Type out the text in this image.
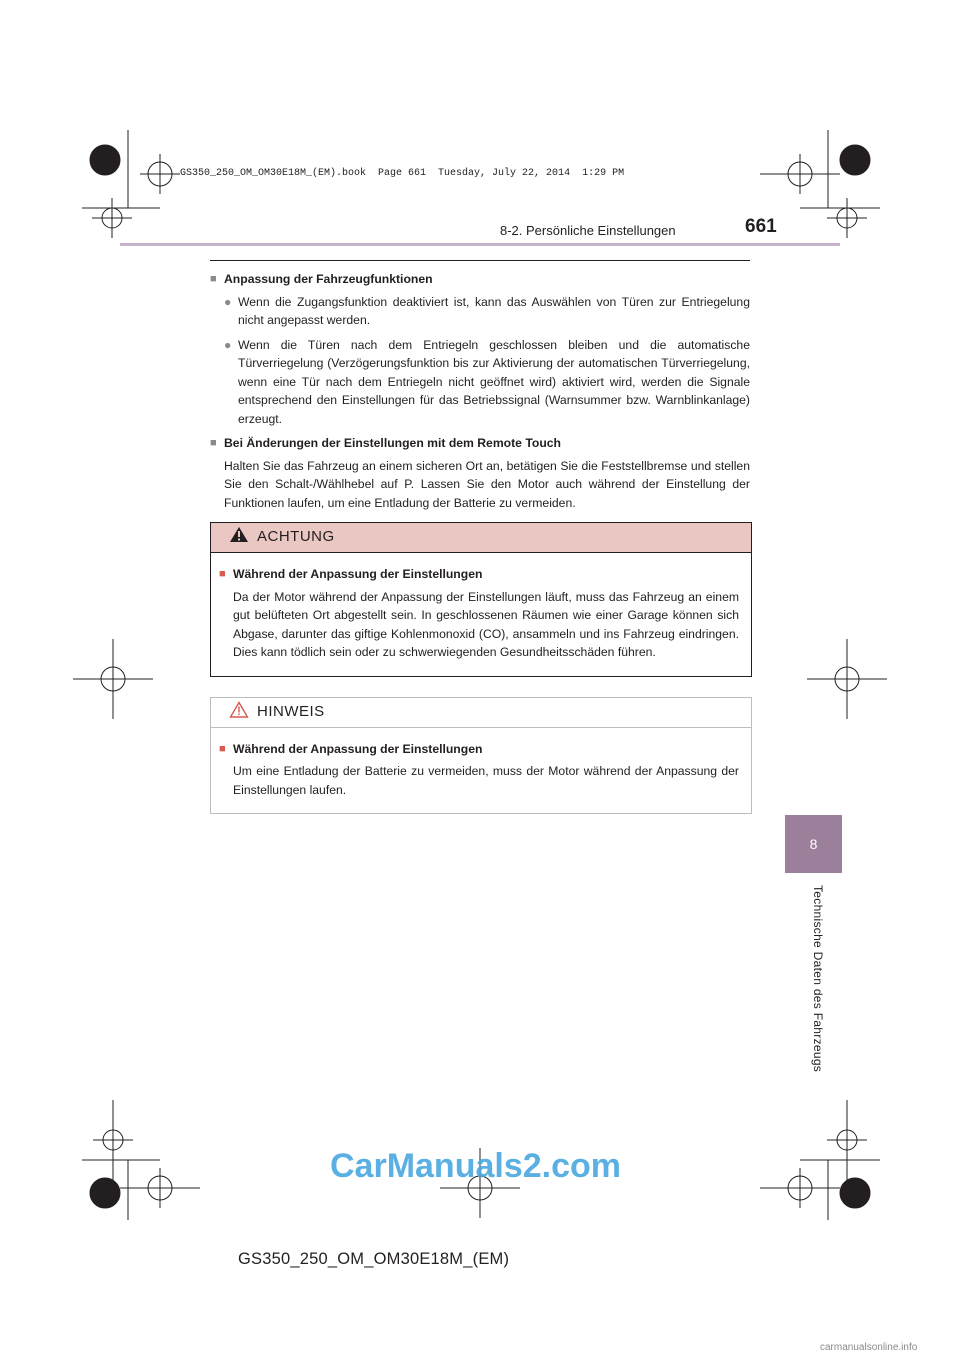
GS350_250_OM_OM30E18M_(EM).book  Page 661  Tuesday, July 22, 2014  1:29 PM
8-2. Persönliche Einstellungen	661
8
Technische Daten des Fahrzeugs
■ Anpassung der Fahrzeugfunktionen
● Wenn die Zugangsfunktion deaktiviert ist, kann das Auswählen von Türen zur Entriegelung nicht angepasst werden.
● Wenn die Türen nach dem Entriegeln geschlossen bleiben und die automatische Türverriegelung (Verzögerungsfunktion bis zur Aktivierung der automatischen Türverriegelung, wenn eine Tür nach dem Entriegeln nicht geöffnet wird) aktiviert wird, werden die Signale entsprechend den Einstellungen für das Betriebssignal (Warnsummer bzw. Warnblinkanlage) erzeugt.
■ Bei Änderungen der Einstellungen mit dem Remote Touch
Halten Sie das Fahrzeug an einem sicheren Ort an, betätigen Sie die Feststellbremse und stellen Sie den Schalt-/Wählhebel auf P. Lassen Sie den Motor auch während der Einstellung der Funktionen laufen, um eine Entladung der Batterie zu vermeiden.
ACHTUNG
■ Während der Anpassung der Einstellungen
Da der Motor während der Anpassung der Einstellungen läuft, muss das Fahrzeug an einem gut belüfteten Ort abgestellt sein. In geschlossenen Räumen wie einer Garage können sich Abgase, darunter das giftige Kohlenmonoxid (CO), ansammeln und ins Fahrzeug eindringen. Dies kann tödlich sein oder zu schwerwiegenden Gesundheitsschäden führen.
HINWEIS
■ Während der Anpassung der Einstellungen
Um eine Entladung der Batterie zu vermeiden, muss der Motor während der Anpassung der Einstellungen laufen.
CarManuals2.com
GS350_250_OM_OM30E18M_(EM)
carmanualsonline.info
